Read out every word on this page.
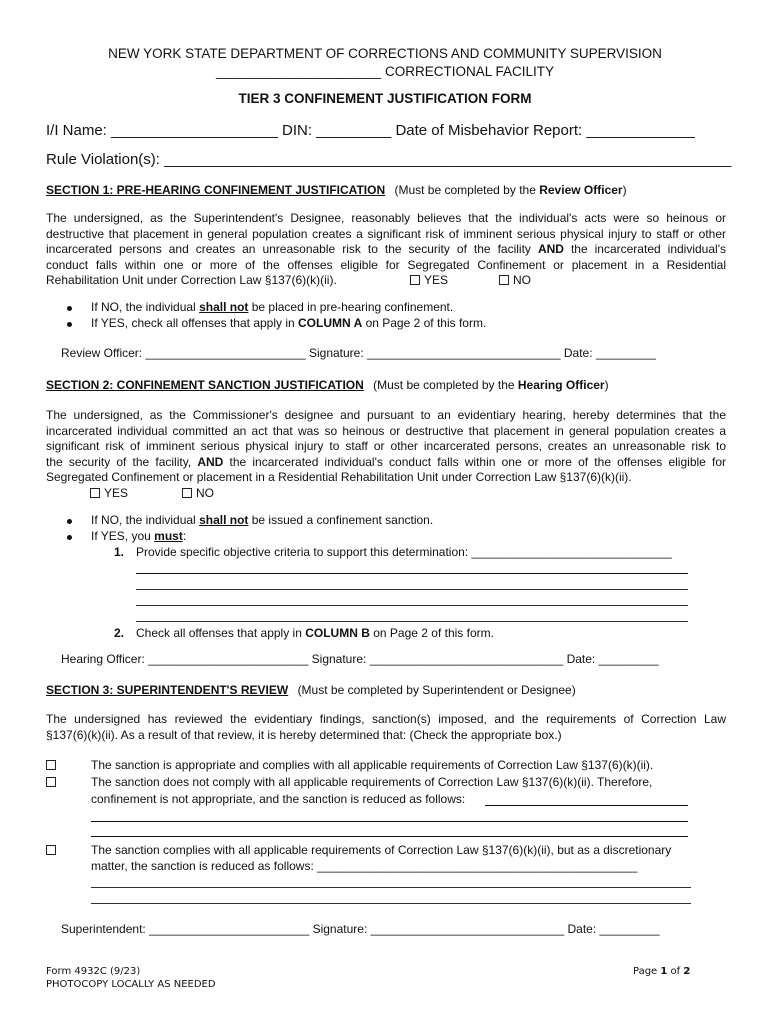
NEW YORK STATE DEPARTMENT OF CORRECTIONS AND COMMUNITY SUPERVISION
______________________ CORRECTIONAL FACILITY
TIER 3 CONFINEMENT JUSTIFICATION FORM
I/I Name: ____________________ DIN: _________ Date of Misbehavior Report: _____________
Rule Violation(s): ____________________________________________________________________
SECTION 1: PRE-HEARING CONFINEMENT JUSTIFICATION (Must be completed by the Review Officer)
The undersigned, as the Superintendent's Designee, reasonably believes that the individual's acts were so heinous or
destructive that placement in general population creates a significant risk of imminent serious physical injury to staff or other
incarcerated persons and creates an unreasonable risk to the security of the facility AND the incarcerated individual's
conduct falls within one or more of the offenses eligible for Segregated Confinement or placement in a Residential
Rehabilitation Unit under Correction Law §137(6)(k)(ii).	YES	NO
If NO, the individual shall not be placed in pre-hearing confinement.
If YES, check all offenses that apply in COLUMN A on Page 2 of this form.
Review Officer: ________________________ Signature: _____________________________ Date: _________
SECTION 2: CONFINEMENT SANCTION JUSTIFICATION (Must be completed by the Hearing Officer)
The undersigned, as the Commissioner's designee and pursuant to an evidentiary hearing, hereby determines that the
incarcerated individual committed an act that was so heinous or destructive that placement in general population creates a
significant risk of imminent serious physical injury to staff or other incarcerated persons, creates an unreasonable risk to
the security of the facility, AND the incarcerated individual's conduct falls within one or more of the offenses eligible for
Segregated Confinement or placement in a Residential Rehabilitation Unit under Correction Law §137(6)(k)(ii).
YES	NO
If NO, the individual shall not be issued a confinement sanction.
If YES, you must:
1. Provide specific objective criteria to support this determination: ______________________________
2. Check all offenses that apply in COLUMN B on Page 2 of this form.
Hearing Officer: ________________________ Signature: _____________________________ Date: _________
SECTION 3: SUPERINTENDENT'S REVIEW (Must be completed by Superintendent or Designee)
The undersigned has reviewed the evidentiary findings, sanction(s) imposed, and the requirements of Correction Law
§137(6)(k)(ii). As a result of that review, it is hereby determined that: (Check the appropriate box.)
The sanction is appropriate and complies with all applicable requirements of Correction Law §137(6)(k)(ii).
The sanction does not comply with all applicable requirements of Correction Law §137(6)(k)(ii). Therefore,
confinement is not appropriate, and the sanction is reduced as follows:
The sanction complies with all applicable requirements of Correction Law §137(6)(k)(ii), but as a discretionary
matter, the sanction is reduced as follows: ________________________________________________
Superintendent: ________________________ Signature: _____________________________ Date: _________
Form 4932C (9/23)
PHOTOCOPY LOCALLY AS NEEDED
Page 1 of 2
